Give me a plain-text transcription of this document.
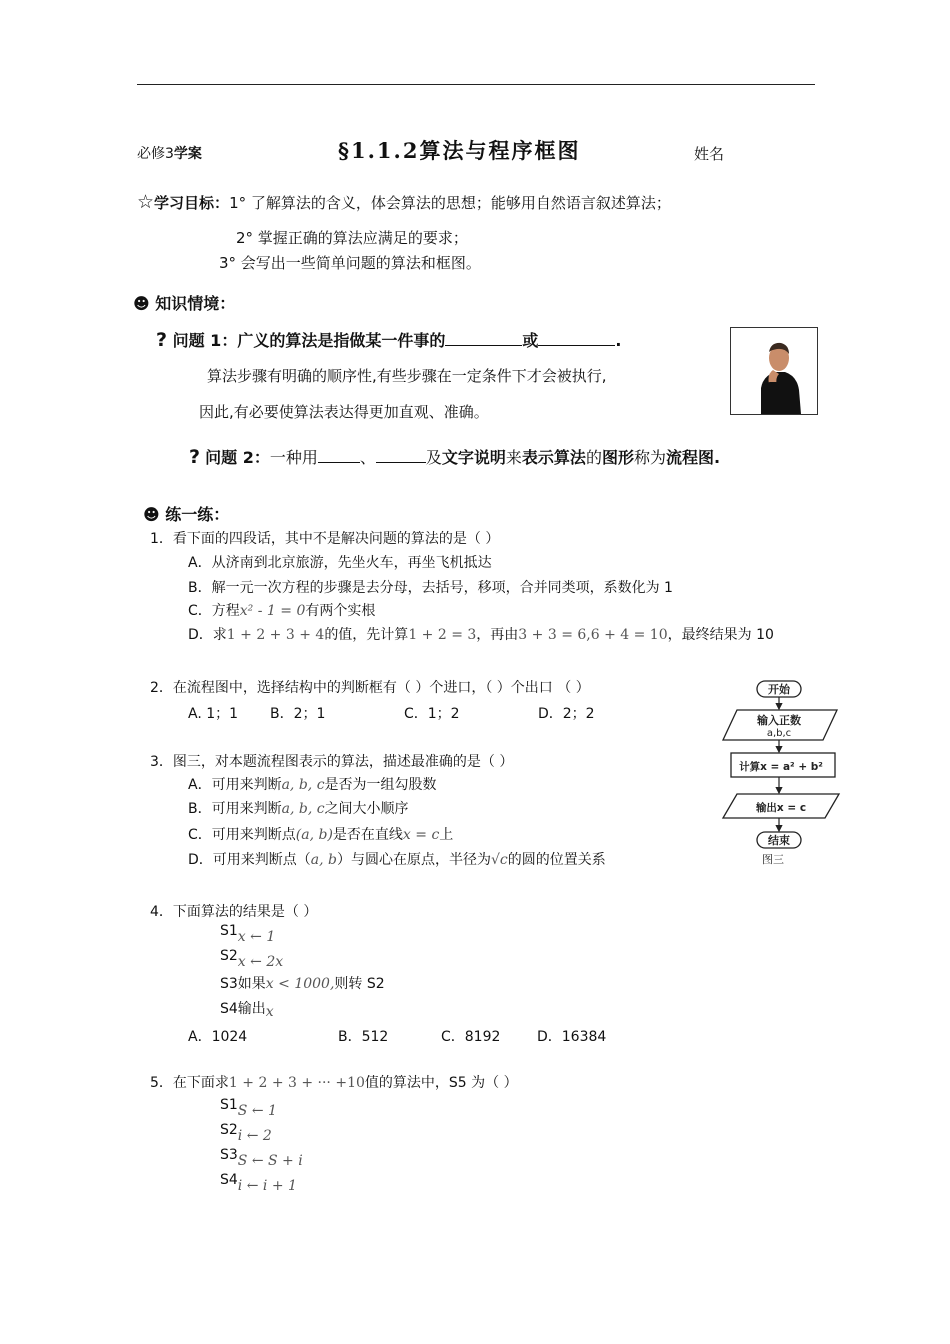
必修3学案	§1.1.2算法与程序框图	姓名
☆学习目标：1° 了解算法的含义，体会算法的思想；能够用自然语言叙述算法；
2° 掌握正确的算法应满足的要求；
3° 会写出一些简单问题的算法和框图。
☻ 知识情境：
? 问题 1：广义的算法是指做某一件事的	或	.
算法步骤有明确的顺序性,有些步骤在一定条件下才会被执行,
因此,有必要使算法表达得更加直观、准确。
? 问题 2：一种用	、	及文字说明来表示算法的图形称为流程图.
☻ 练一练：
1．看下面的四段话，其中不是解决问题的算法的是（ ）
A．从济南到北京旅游，先坐火车，再坐飞机抵达
B．解一元一次方程的步骤是去分母，去括号，移项，合并同类项，系数化为 1
C．方程x² - 1 = 0有两个实根
D．求1 + 2 + 3 + 4的值，先计算1 + 2 = 3，再由3 + 3 = 6,6 + 4 = 10，最终结果为 10
2．在流程图中，选择结构中的判断框有（ ）个进口，（ ）个出口 （ ）
A. 1；1 B．2；1	C．1；2	D．2；2
3．图三，对本题流程图表示的算法，描述最准确的是（ ）
A．可用来判断a, b, c是否为一组勾股数
B．可用来判断a, b, c之间大小顺序
C．可用来判断点(a, b)是否在直线x = c上
D．可用来判断点（a, b）与圆心在原点，半径为√c的圆的位置关系
开始
输入正数
a,b,c
计算x = a² + b²
输出x = c
结束
图三
4．下面算法的结果是（ ）
S1x ← 1
S2x ← 2x
S3如果x < 1000,则转 S2
S4输出x
A．1024	B．512	C．8192	D．16384
5．在下面求1 + 2 + 3 + ··· +10值的算法中，S5 为（ ）
S1S ← 1
S2i ← 2
S3S ← S + i
S4i ← i + 1
